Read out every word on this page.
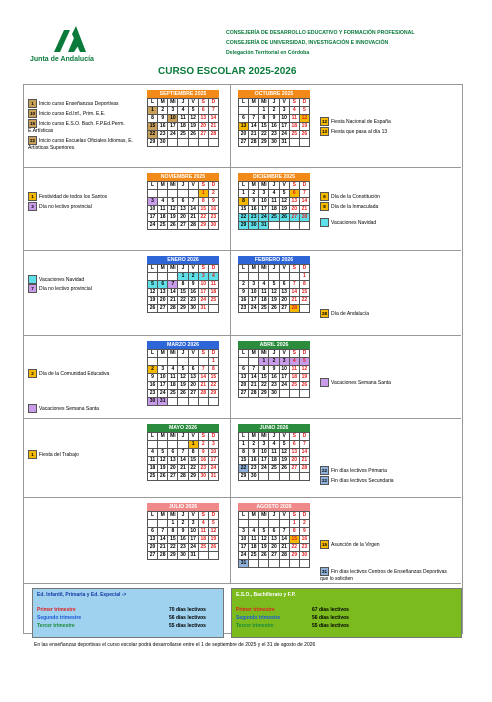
Junta de Andalucía
CONSEJERÍA DE DESARROLLO EDUCATIVO Y FORMACIÓN PROFESIONAL
CONSEJERÍA DE UNIVERSIDAD, INVESTIGACIÓN E INNOVACIÓN
Delegación Territorial en Córdoba
CURSO ESCOLAR 2025-2026
SEPTIEMBRE 2025
L	M	Mi	J	V	S	D
1	2	3	4	5	6	7
8	9	10	11	12	13	14
15	16	17	18	19	20	21
22	23	24	25	26	27	28
29	30					
OCTUBRE 2025
L	M	Mi	J	V	S	D
		1	2	3	4	5
6	7	8	9	10	11	12
13	14	15	16	17	18	19
20	21	22	23	24	25	26
27	28	29	30	31		
NOVIEMBRE 2025
L	M	Mi	J	V	S	D
					1	2
3	4	5	6	7	8	9
10	11	12	13	14	15	16
17	18	19	20	21	22	23
24	25	26	27	28	29	30
DICIEMBRE 2025
L	M	Mi	J	V	S	D
1	2	3	4	5	6	7
8	9	10	11	12	13	14
15	16	17	18	19	20	21
22	23	24	25	26	27	28
29	30	31				
ENERO 2026
L	M	Mi	J	V	S	D
			1	2	3	4
5	6	7	8	9	10	11
12	13	14	15	16	17	18
19	20	21	22	23	24	25
26	27	28	29	30	31	
FEBRERO 2026
L	M	Mi	J	V	S	D
						1
2	3	4	5	6	7	8
9	10	11	12	13	14	15
16	17	18	19	20	21	22
23	24	25	26	27	28	
MARZO 2026
L	M	Mi	J	V	S	D
						1
2	3	4	5	6	7	8
9	10	11	12	13	14	15
16	17	18	19	20	21	22
23	24	25	26	27	28	29
30	31					
ABRIL 2026
L	M	Mi	J	V	S	D
		1	2	3	4	5
6	7	8	9	10	11	12
13	14	15	16	17	18	19
20	21	22	23	24	25	26
27	28	29	30			
MAYO 2026
L	M	Mi	J	V	S	D
				1	2	3
4	5	6	7	8	9	10
11	12	13	14	15	16	17
18	19	20	21	22	23	24
25	26	27	28	29	30	31
JUNIO 2026
L	M	Mi	J	V	S	D
1	2	3	4	5	6	7
8	9	10	11	12	13	14
15	16	17	18	19	20	21
22	23	24	25	26	27	28
29	30					
JULIO 2026
L	M	Mi	J	V	S	D
		1	2	3	4	5
6	7	8	9	10	11	12
13	14	15	16	17	18	19
20	21	22	23	24	25	26
27	28	29	30	31		
AGOSTO 2026
L	M	Mi	J	V	S	D
					1	2
3	4	5	6	7	8	9
10	11	12	13	14	15	16
17	18	19	20	21	22	23
24	25	26	27	28	29	30
31						
1 Inicio curso Enseñanzas Deportivas
10 Inicio curso Ed.Inf., Prim. E.E.
15 Inicio curso E.S.O. Bach. F.P.Ed.Perm. E.Artísticas
22 Inicio curso Escuelas Oficiales Idiomas, E. Artísticas Superiores.
12 Fiesta Nacional de España
13 Fiesta que pasa al día 13
1 Festividad de todos los Santos
3 Día no lectivo provincial
6 Día de la Constitución
8 Día de la Inmaculada
Vacaciones Navidad
Vacaciones Navidad
7 Día no lectivo provincial
28 Día de Andalucía
2 Día de la Comunidad Educativa
Vacaciones Semana Santa
Vacaciones Semana Santa
1 Fiesta del Trabajo
22 Fin días lectivos Primaria
22 Fin días lectivos Secundaria
15 Asunción de la Virgen
31 Fin días lectivos Centros de Enseñanzas Deportivas que lo soliciten
Ed. Infantil, Primaria y Ed. Especial ->
Primer trimestre	70 días lectivos
Segundo trimestre	56 días lectivos
Tercer trimestre	55 días lectivos
E.S.O., Bachillerato y F.P.
Primer trimestre	67 días lectivos
Segundo trimestre	56 días lectivos
Tercer trimestre	55 días lectivos
En las enseñanzas deportivas el curso escolar podrá desarrollarse entre el 1 de septiembre de 2025 y el 31 de agosto de 2026
